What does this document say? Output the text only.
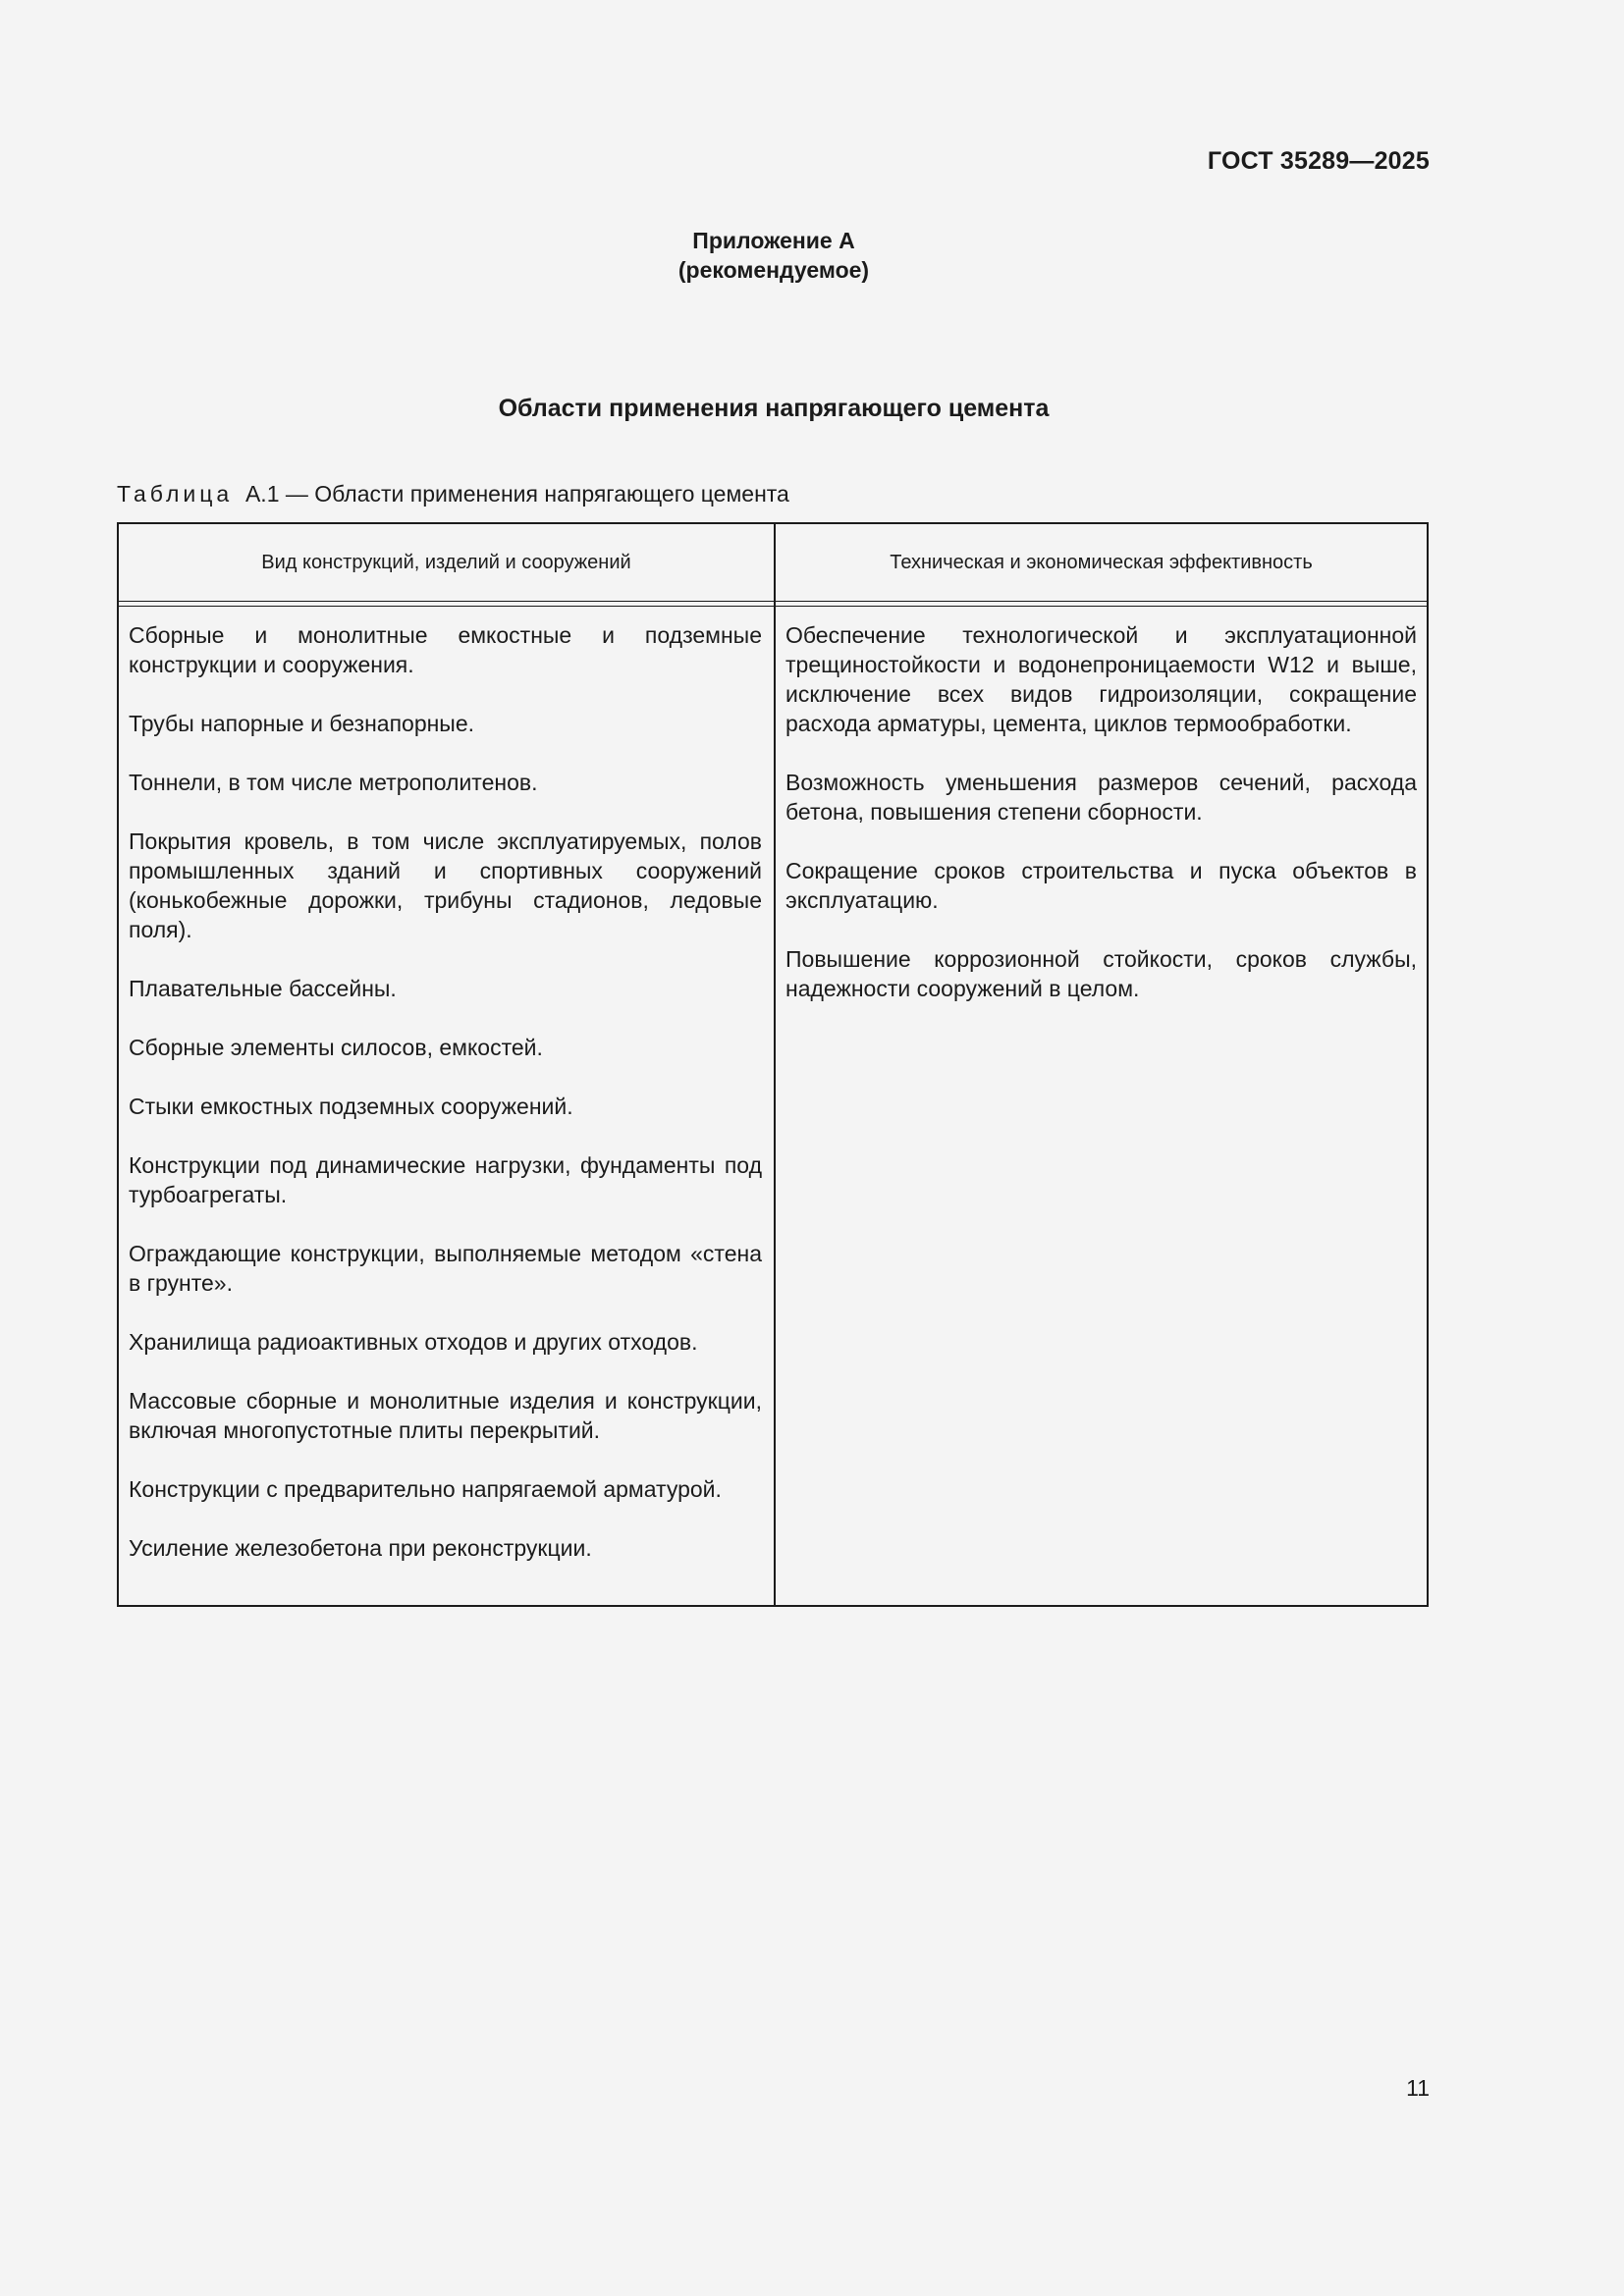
ГОСТ 35289—2025
Приложение А
(рекомендуемое)
Области применения напрягающего цемента
Таблица А.1 — Области применения напрягающего цемента
Вид конструкций, изделий и сооружений	Техническая и экономическая эффективность

Сборные и монолитные емкостные и подземные конструкции и сооружения.

Трубы напорные и безнапорные.

Тоннели, в том числе метрополитенов.

Покрытия кровель, в том числе эксплуатируемых, полов промышленных зданий и спортивных сооружений (конькобежные дорожки, трибуны стадионов, ледовые поля).

Плавательные бассейны.

Сборные элементы силосов, емкостей.

Стыки емкостных подземных сооружений.

Конструкции под динамические нагрузки, фундаменты под турбоагрегаты.

Ограждающие конструкции, выполняемые методом «стена в грунте».

Хранилища радиоактивных отходов и других отходов.

Массовые сборные и монолитные изделия и конструкции, включая многопустотные плиты перекрытий.

Конструкции с предварительно напрягаемой арматурой.

Усиление железобетона при реконструкции.

Обеспечение технологической и эксплуатационной трещиностойкости и водонепроницаемости W12 и выше, исключение всех видов гидроизоляции, сокращение расхода арматуры, цемента, циклов термообработки.

Возможность уменьшения размеров сечений, расхода бетона, повышения степени сборности.

Сокращение сроков строительства и пуска объектов в эксплуатацию.

Повышение коррозионной стойкости, сроков службы, надежности сооружений в целом.

11
